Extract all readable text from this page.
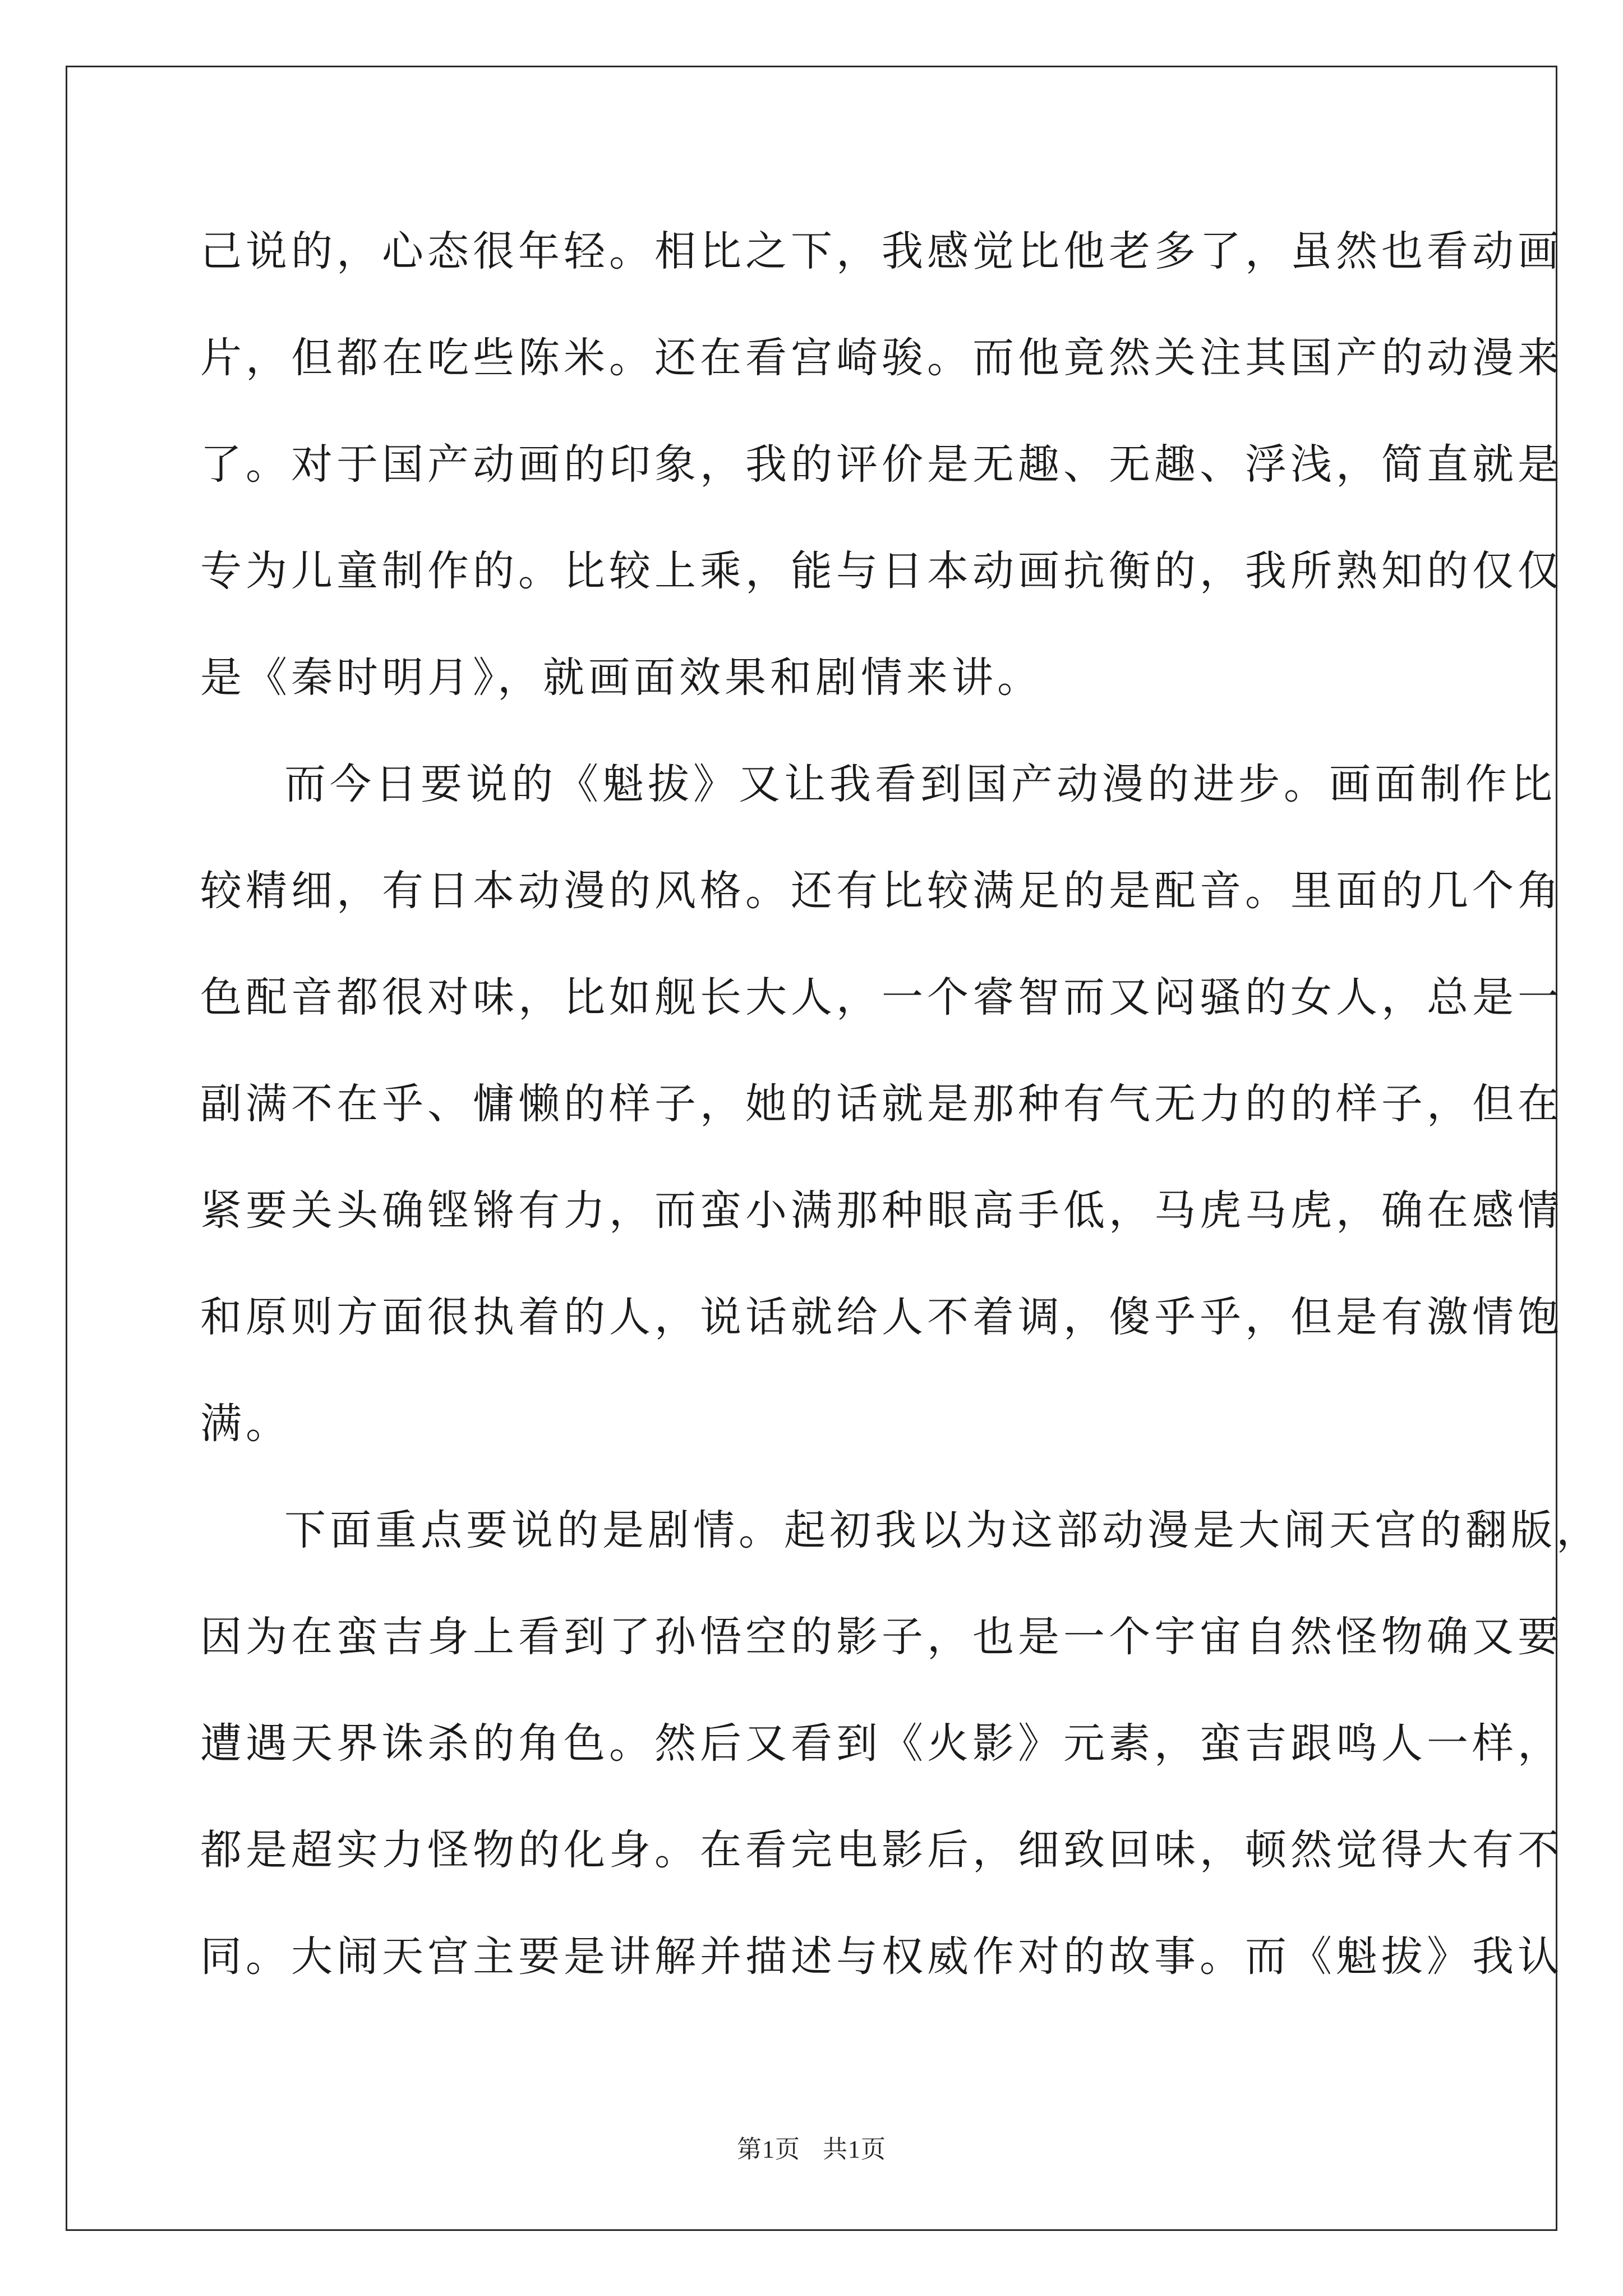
己说的，心态很年轻。相比之下，我感觉比他老多了，虽然也看动画
片，但都在吃些陈米。还在看宫崎骏。而他竟然关注其国产的动漫来
了。对于国产动画的印象，我的评价是无趣、无趣、浮浅，简直就是
专为儿童制作的。比较上乘，能与日本动画抗衡的，我所熟知的仅仅
是《秦时明月》，就画面效果和剧情来讲。
而今日要说的《魁拔》又让我看到国产动漫的进步。画面制作比
较精细，有日本动漫的风格。还有比较满足的是配音。里面的几个角
色配音都很对味，比如舰长大人，一个睿智而又闷骚的女人，总是一
副满不在乎、慵懒的样子，她的话就是那种有气无力的的样子，但在
紧要关头确铿锵有力，而蛮小满那种眼高手低，马虎马虎，确在感情
和原则方面很执着的人，说话就给人不着调，傻乎乎，但是有激情饱
满。
下面重点要说的是剧情。起初我以为这部动漫是大闹天宫的翻版，
因为在蛮吉身上看到了孙悟空的影子，也是一个宇宙自然怪物确又要
遭遇天界诛杀的角色。然后又看到《火影》元素，蛮吉跟鸣人一样，
都是超实力怪物的化身。在看完电影后，细致回味，顿然觉得大有不
同。大闹天宫主要是讲解并描述与权威作对的故事。而《魁拔》我认
第1页 共1页
